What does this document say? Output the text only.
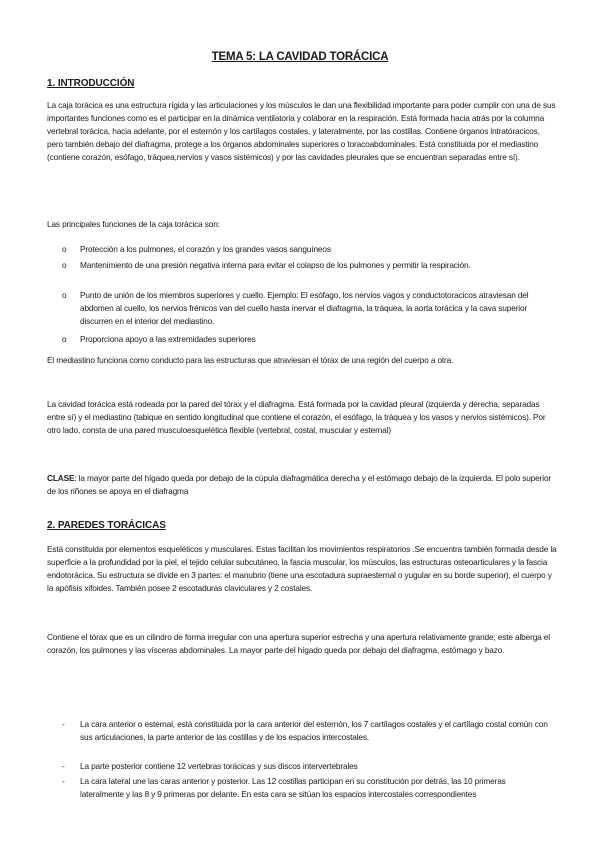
TEMA 5: LA CAVIDAD TORÁCICA
1. INTRODUCCIÓN

La caja torácica es una estructura rígida y las articulaciones y los músculos le dan una flexibilidad importante para poder cumplir con una de sus importantes funciones como es el participar en la dinámica ventilatoria y colaborar en la respiración. Está formada hacia atrás por la columna vertebral torácica, hacia adelante, por el esternón y los cartílagos costales, y lateralmente, por las costillas. Contiene órganos intratóracicos, pero también debajo del diafragma, protege a los órganos abdominales superiores o toracoabdominales. Está constituida por el mediastino (contiene corazón, esófago, tráquea,nervios y vasos sistémicos) y por las cavidades pleurales que se encuentran separadas entre sí).

Las principales funciones de la caja torácica son:

o Protección a los pulmones, el corazón y los grandes vasos sanguíneos

o Mantenimiento de una presión negativa interna para evitar el colapso de los pulmones y permitir la respiración.

o Punto de unión de los miembros superiores y cuello. Ejemplo: El esófago, los nervios vagos y conductotoracicos atraviesan del abdomen al cuello, los nervios frénicos van del cuello hasta inervar el diafragma, la tráquea, la aorta torácica y la cava superior discurren en el interior del mediastino.

o Proporciona apoyo a las extremidades superiores

El mediastino funciona como conducto para las estructuras que atraviesan el tórax de una región del cuerpo a otra.

La cavidad torácica está rodeada por la pared del tórax y el diafragma. Está formada por la cavidad pleural (izquierda y derecha, separadas entre sí) y el mediastino (tabique en sentido longitudinal que contiene el corazón, el esófago, la tráquea y los vasos y nervios sistémicos). Por otro lado, consta de una pared musculoesquelética flexible (vertebral, costal, muscular y esternal)

CLASE: la mayor parte del hígado queda por debajo de la cúpula diafragmática derecha y el estómago debajo de la izquierda. El polo superior de los riñones se apoya en el diafragma

2. PAREDES TORÁCICAS

Está constituida por elementos esqueléticos y musculares. Estas facilitan los movimientos respiratorios .Se encuentra también formada desde la superficie a la profundidad por la piel, el tejido celular subcutáneo, la fascia muscular, los músculos, las estructuras osteoarticulares y la fascia endotorácica. Su estructura se divide en 3 partes: el manubrio (tiene una escotadura supraesternal o yugular en su borde superior), el cuerpo y la apófisis xifoides. También posee 2 escotaduras claviculares y 2 costales.

Contiene el tórax que es un cilindro de forma irregular con una apertura superior estrecha y una apertura relativamente grande; este alberga el corazón, los pulmones y las vísceras abdominales. La mayor parte del hígado queda por debajo del diafragma, estómago y bazo.

- La cara anterior o esternal, está constituida por la cara anterior del esternón, los 7 cartílagos costales y el cartílago costal común con sus articulaciones, la parte anterior de las costillas y de los espacios intercostales.

- La parte posterior contiene 12 vertebras torácicas y sus discos intervertebrales

- La cara lateral une las caras anterior y posterior. Las 12 costillas participan en su constitución por detrás, las 10 primeras lateralmente y las 8 y 9 primeras por delante. En esta cara se sitúan los espacios intercostales correspondientes
